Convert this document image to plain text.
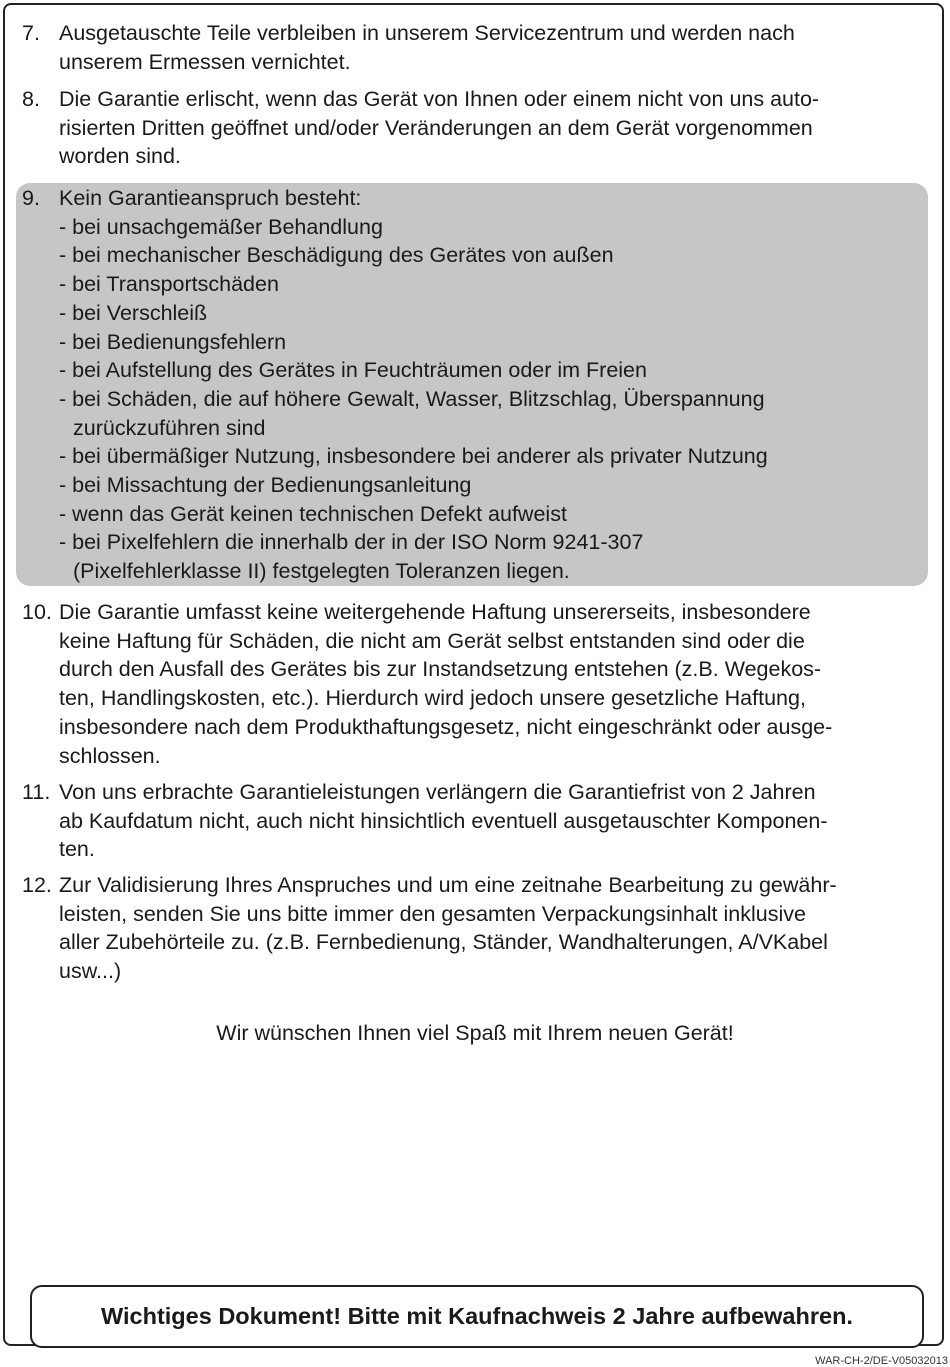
7. Ausgetauschte Teile verbleiben in unserem Servicezentrum und werden nach
unserem Ermessen vernichtet.
8. Die Garantie erlischt, wenn das Gerät von Ihnen oder einem nicht von uns auto-
risierten Dritten geöffnet und/oder Veränderungen an dem Gerät vorgenommen
worden sind.
9. Kein Garantieanspruch besteht:
- bei unsachgemäßer Behandlung
- bei mechanischer Beschädigung des Gerätes von außen
- bei Transportschäden
- bei Verschleiß
- bei Bedienungsfehlern
- bei Aufstellung des Gerätes in Feuchträumen oder im Freien
- bei Schäden, die auf höhere Gewalt, Wasser, Blitzschlag, Überspannung
zurückzuführen sind
- bei übermäßiger Nutzung, insbesondere bei anderer als privater Nutzung
- bei Missachtung der Bedienungsanleitung
- wenn das Gerät keinen technischen Defekt aufweist
- bei Pixelfehlern die innerhalb der in der ISO Norm 9241-307
(Pixelfehlerklasse II) festgelegten Toleranzen liegen.
10. Die Garantie umfasst keine weitergehende Haftung unsererseits, insbesondere
keine Haftung für Schäden, die nicht am Gerät selbst entstanden sind oder die
durch den Ausfall des Gerätes bis zur Instandsetzung entstehen (z.B. Wegekos-
ten, Handlingskosten, etc.). Hierdurch wird jedoch unsere gesetzliche Haftung,
insbesondere nach dem Produkthaftungsgesetz, nicht eingeschränkt oder ausge-
schlossen.
11. Von uns erbrachte Garantieleistungen verlängern die Garantiefrist von 2 Jahren
ab Kaufdatum nicht, auch nicht hinsichtlich eventuell ausgetauschter Komponen-
ten.
12. Zur Validisierung Ihres Anspruches und um eine zeitnahe Bearbeitung zu gewähr-
leisten, senden Sie uns bitte immer den gesamten Verpackungsinhalt inklusive
aller Zubehörteile zu. (z.B. Fernbedienung, Ständer, Wandhalterungen, A/VKabel
usw...)
Wir wünschen Ihnen viel Spaß mit Ihrem neuen Gerät!
Wichtiges Dokument! Bitte mit Kaufnachweis 2 Jahre aufbewahren.
WAR-CH-2/DE-V05032013
